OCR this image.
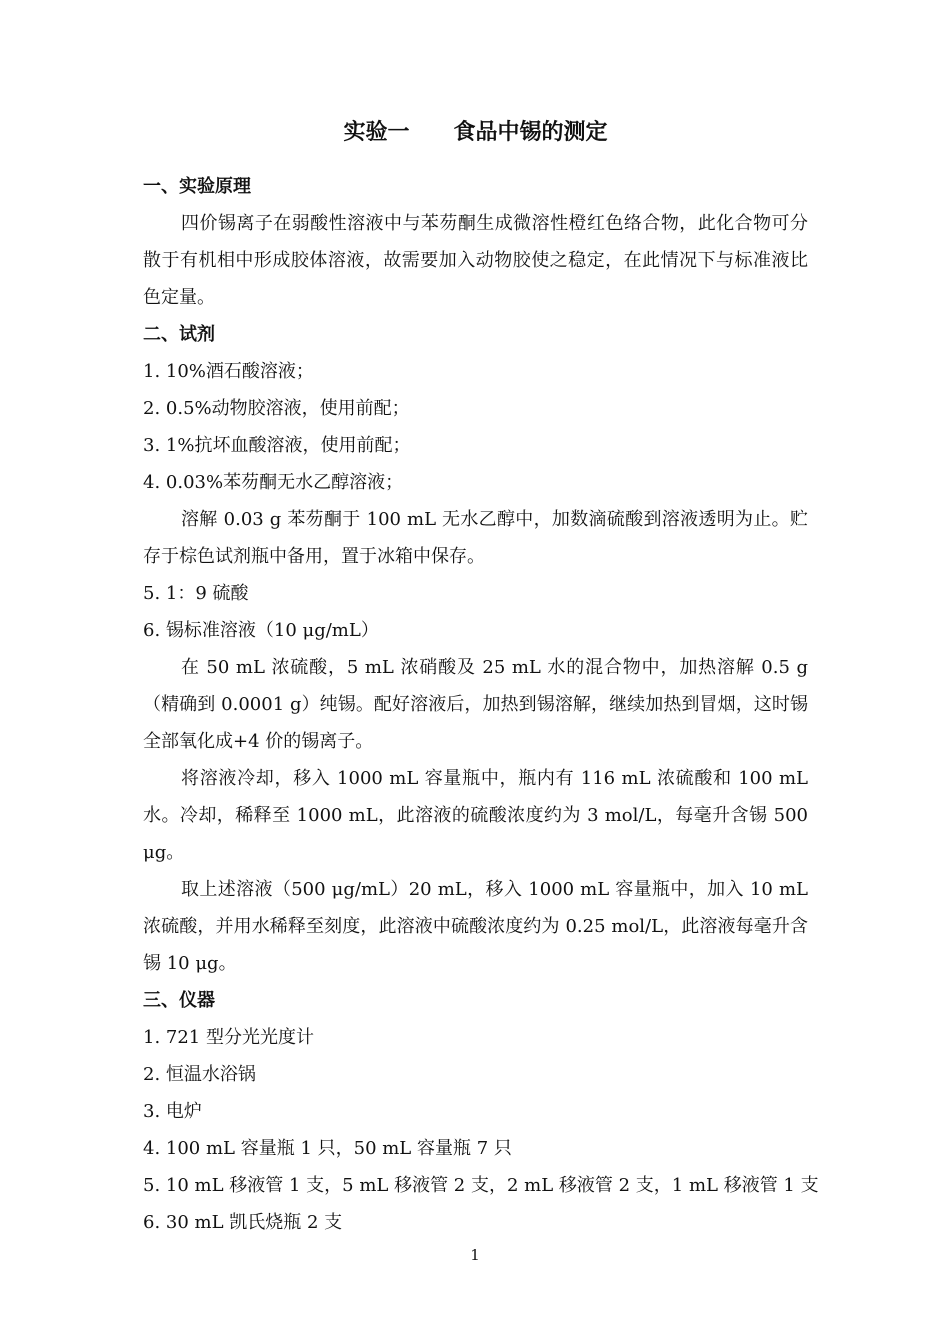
实验一　　食品中锡的测定

一、实验原理

四价锡离子在弱酸性溶液中与苯芴酮生成微溶性橙红色络合物，此化合物可分散于有机相中形成胶体溶液，故需要加入动物胶使之稳定，在此情况下与标准液比色定量。

二、试剂

1. 10%酒石酸溶液；

2. 0.5%动物胶溶液，使用前配；

3. 1%抗坏血酸溶液，使用前配；

4. 0.03%苯芴酮无水乙醇溶液；

溶解 0.03 g 苯芴酮于 100 mL 无水乙醇中，加数滴硫酸到溶液透明为止。贮存于棕色试剂瓶中备用，置于冰箱中保存。

5. 1：9 硫酸

6. 锡标准溶液（10 μg/mL）

在 50 mL 浓硫酸，5 mL 浓硝酸及 25 mL 水的混合物中，加热溶解 0.5 g（精确到 0.0001 g）纯锡。配好溶液后，加热到锡溶解，继续加热到冒烟，这时锡全部氧化成+4 价的锡离子。

将溶液冷却，移入 1000 mL 容量瓶中，瓶内有 116 mL 浓硫酸和 100 mL 水。冷却，稀释至 1000 mL，此溶液的硫酸浓度约为 3 mol/L，每毫升含锡 500 μg。

取上述溶液（500 μg/mL）20 mL，移入 1000 mL 容量瓶中，加入 10 mL 浓硫酸，并用水稀释至刻度，此溶液中硫酸浓度约为 0.25 mol/L，此溶液每毫升含锡 10 μg。

三、仪器

1. 721 型分光光度计

2. 恒温水浴锅

3. 电炉

4. 100 mL 容量瓶 1 只，50 mL 容量瓶 7 只

5. 10 mL 移液管 1 支，5 mL 移液管 2 支，2 mL 移液管 2 支，1 mL 移液管 1 支

6. 30 mL 凯氏烧瓶 2 支

1
